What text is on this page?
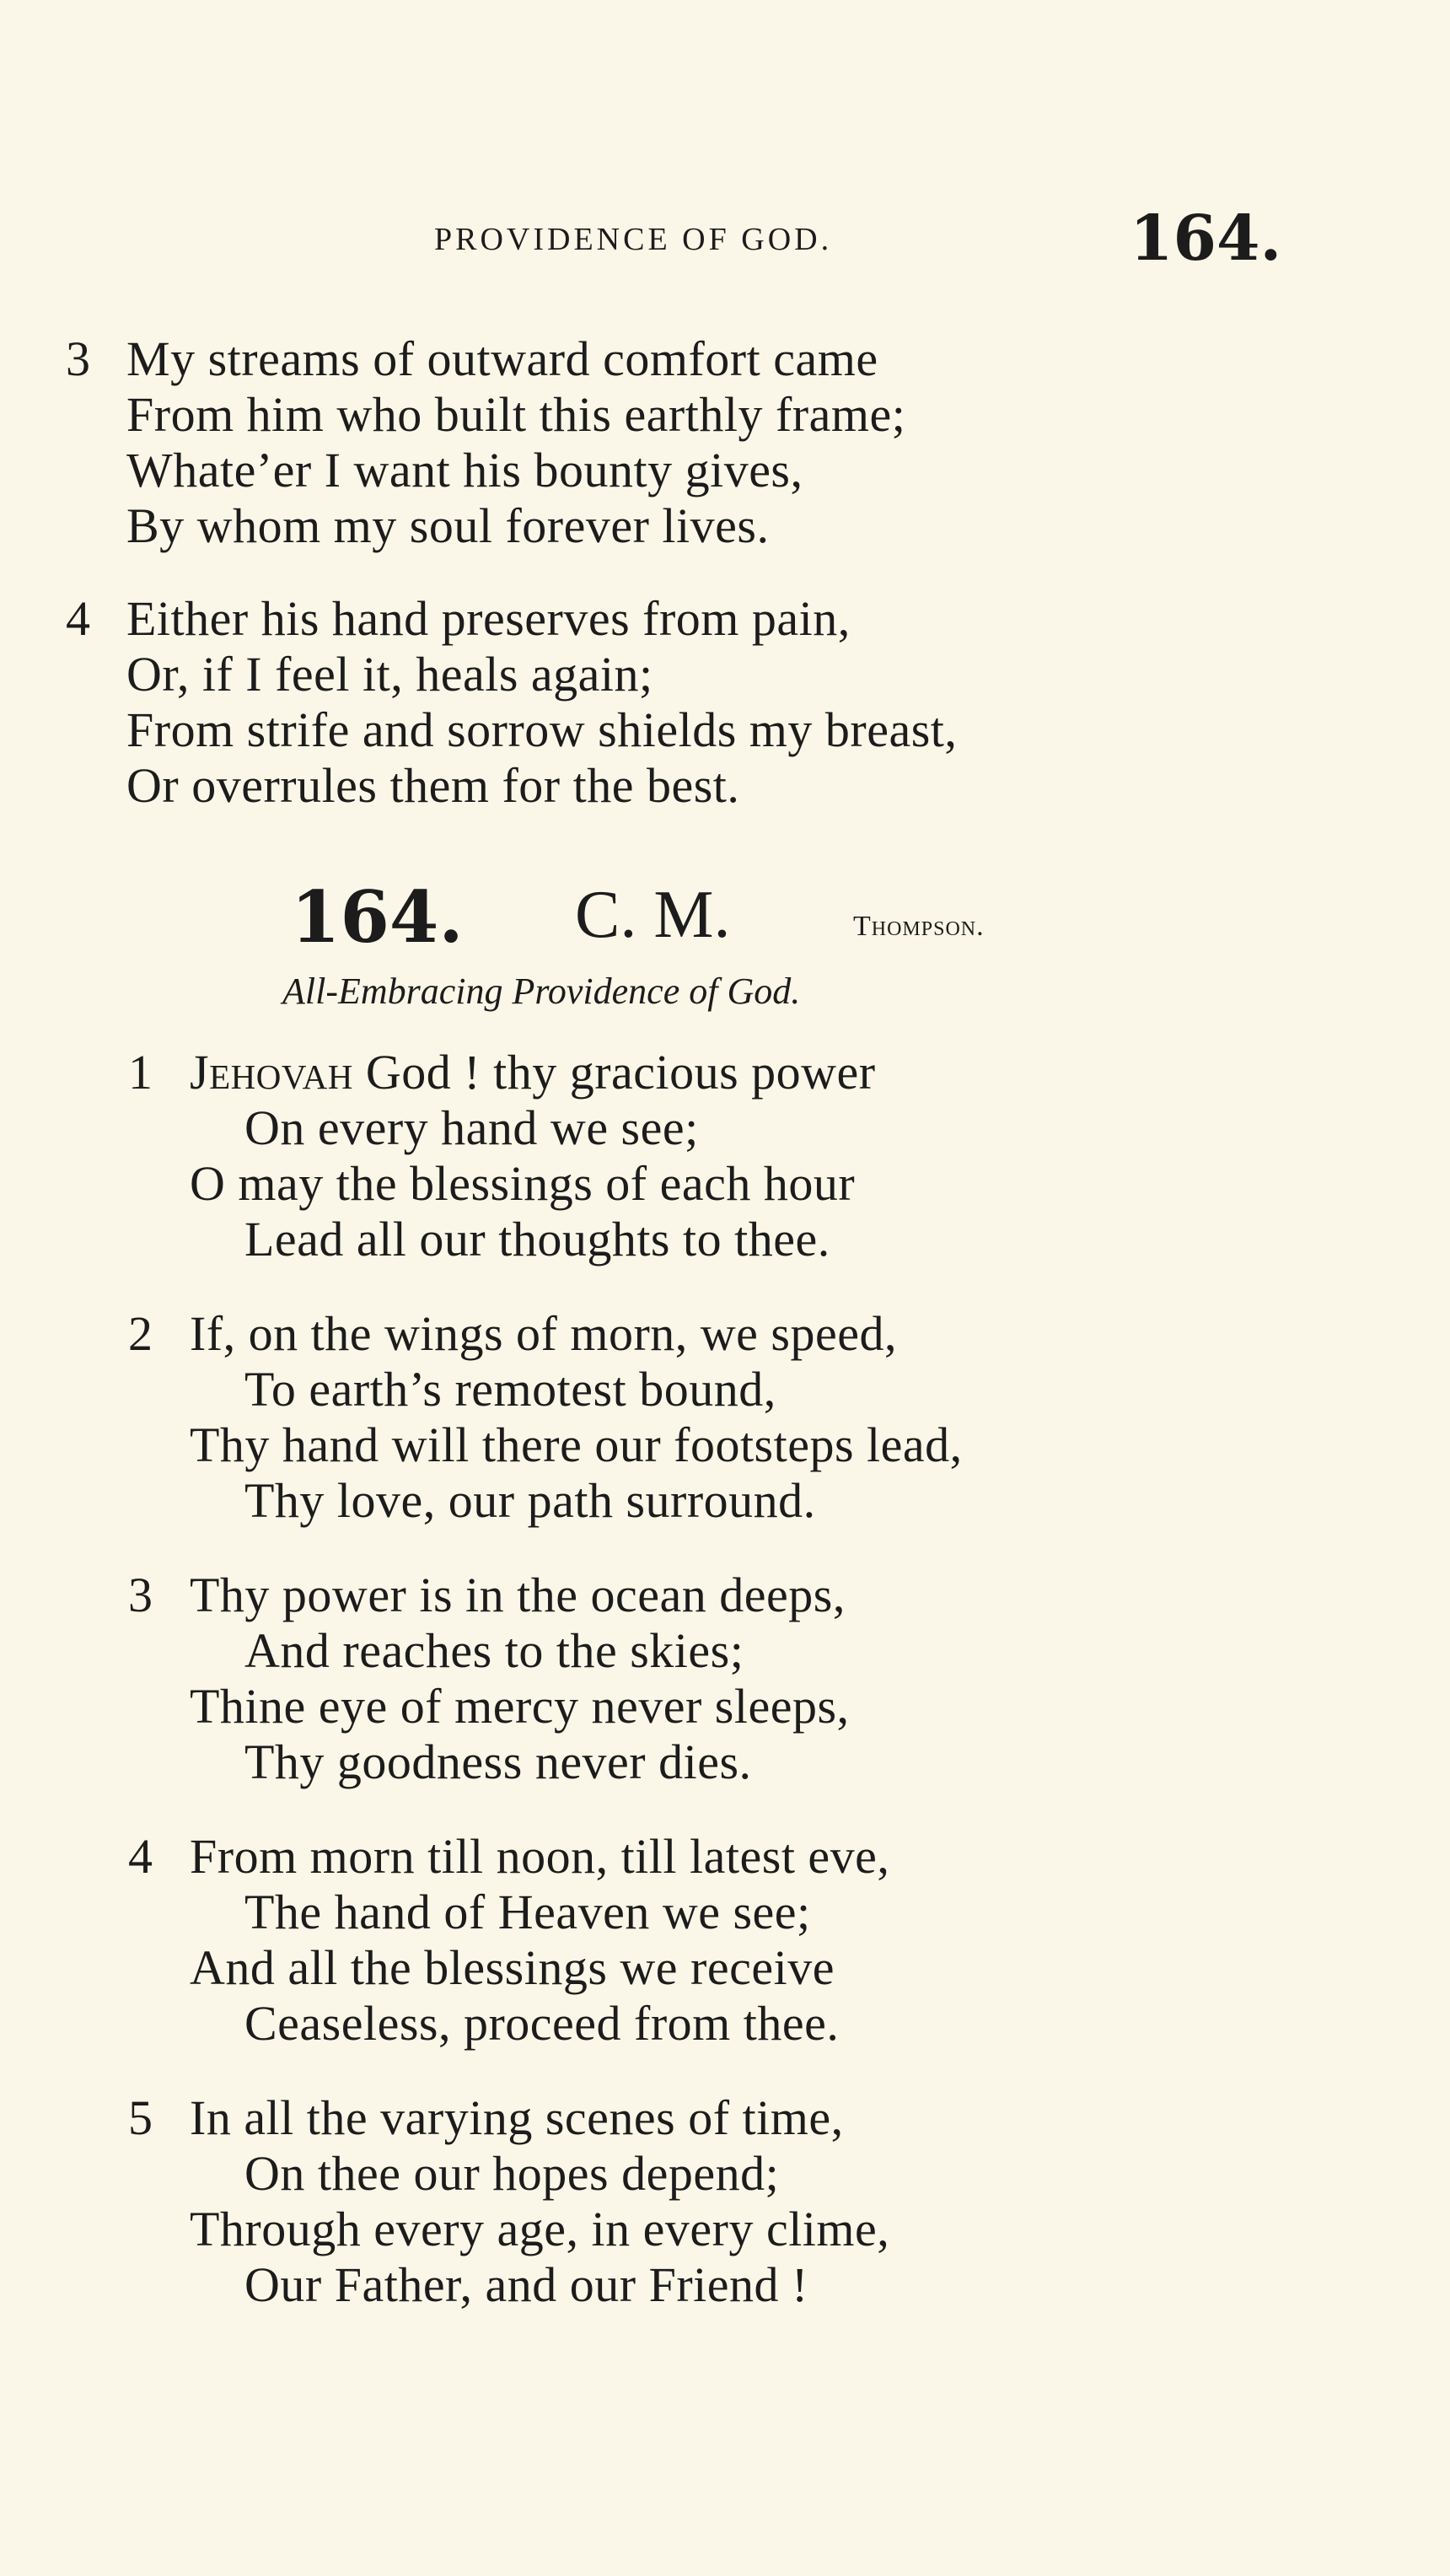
PROVIDENCE OF GOD.	164.
3 My streams of outward comfort came
From him who built this earthly frame;
Whate’er I want his bounty gives,
By whom my soul forever lives.
4 Either his hand preserves from pain,
Or, if I feel it, heals again;
From strife and sorrow shields my breast,
Or overrules them for the best.
164. C. M.	Thompson.
All-Embracing Providence of God.
1 Jehovah God ! thy gracious power
On every hand we see;
O may the blessings of each hour
Lead all our thoughts to thee.
2 If, on the wings of morn, we speed,
To earth’s remotest bound,
Thy hand will there our footsteps lead,
Thy love, our path surround.
3 Thy power is in the ocean deeps,
And reaches to the skies;
Thine eye of mercy never sleeps,
Thy goodness never dies.
4 From morn till noon, till latest eve,
The hand of Heaven we see;
And all the blessings we receive
Ceaseless, proceed from thee.
5 In all the varying scenes of time,
On thee our hopes depend;
Through every age, in every clime,
Our Father, and our Friend !
